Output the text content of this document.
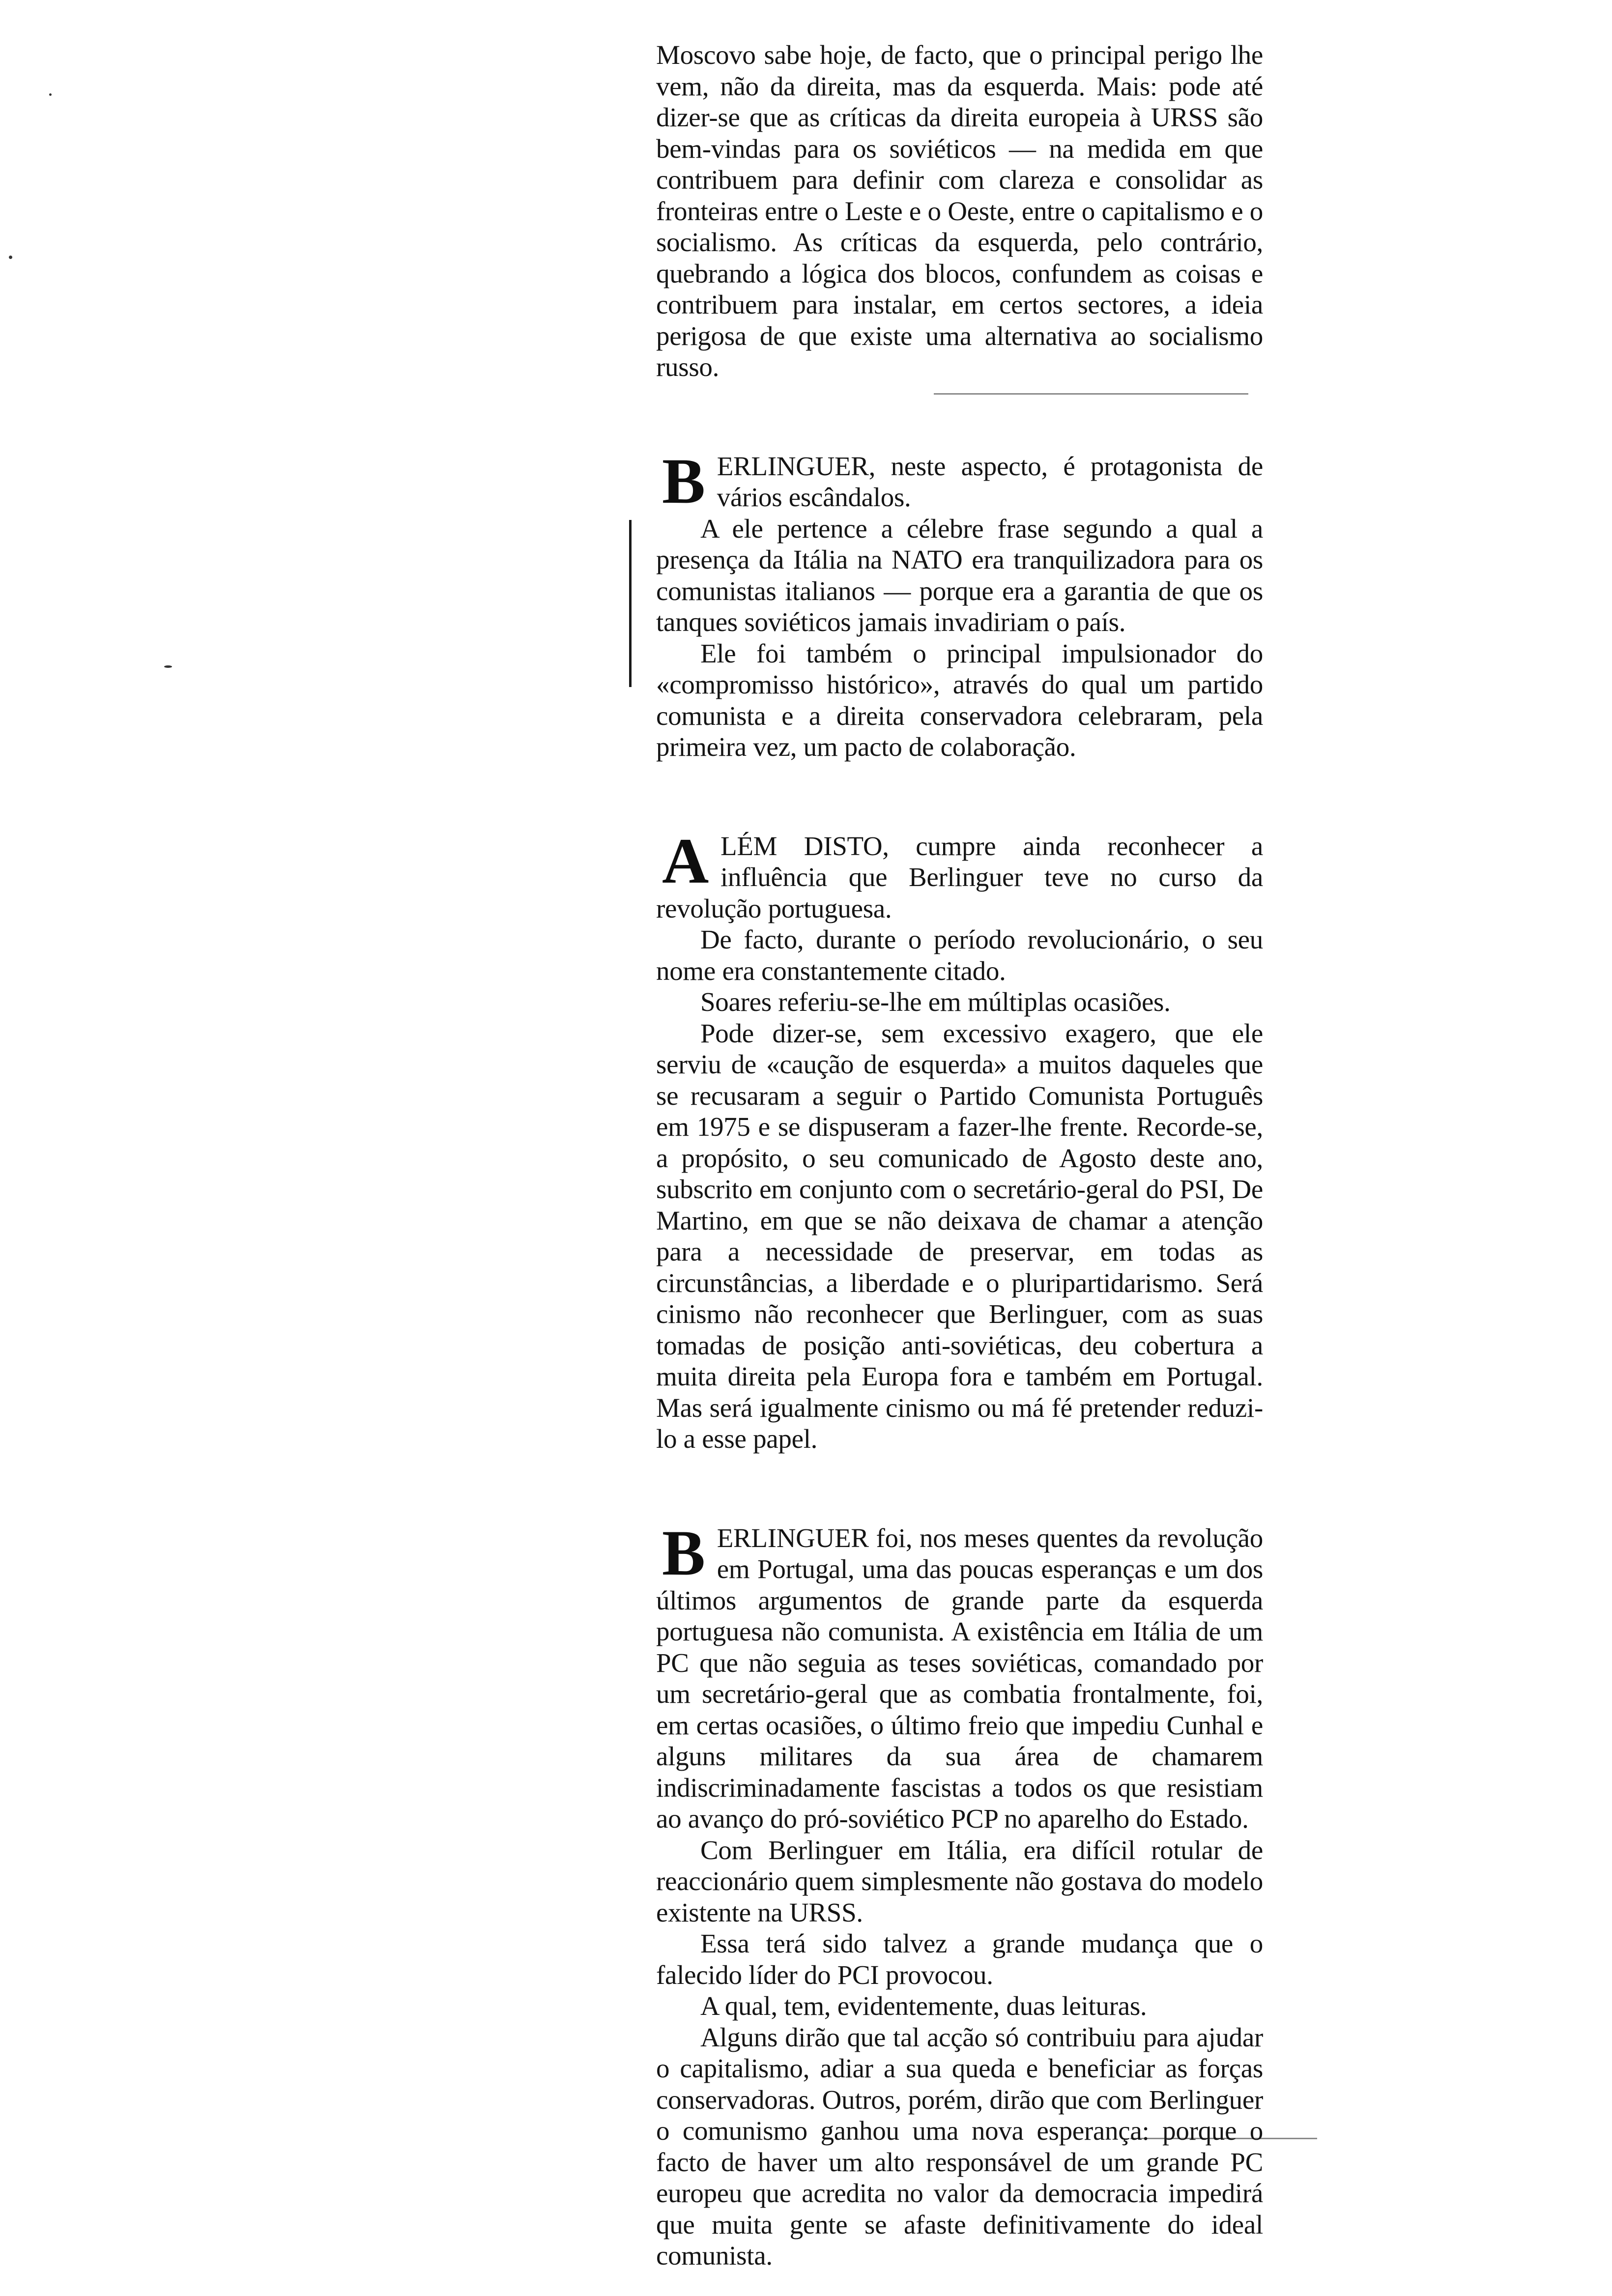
Moscovo sabe hoje, de facto, que o principal perigo lhe vem, não da direita, mas da esquerda. Mais: pode até dizer-se que as críticas da direita europeia à URSS são bem-vindas para os soviéticos — na medida em que contribuem para definir com clareza e consolidar as fronteiras entre o Leste e o Oeste, entre o capitalismo e o socialismo. As críticas da esquerda, pelo contrário, quebrando a lógica dos blocos, confundem as coisas e contribuem para instalar, em certos sectores, a ideia perigosa de que existe uma alternativa ao socialismo russo.

B ERLINGUER, neste aspecto, é protagonista de vários escândalos.

A ele pertence a célebre frase segundo a qual a presença da Itália na NATO era tranquilizadora para os comunistas italianos — porque era a garantia de que os tanques soviéticos jamais invadiriam o país.

Ele foi também o principal impulsionador do «compromisso histórico», através do qual um partido comunista e a direita conservadora celebraram, pela primeira vez, um pacto de colaboração.

A LÉM DISTO, cumpre ainda reconhecer a influência que Berlinguer teve no curso da revolução portuguesa.

De facto, durante o período revolucionário, o seu nome era constantemente citado.

Soares referiu-se-lhe em múltiplas ocasiões.

Pode dizer-se, sem excessivo exagero, que ele serviu de «caução de esquerda» a muitos daqueles que se recusaram a seguir o Partido Comunista Português em 1975 e se dispuseram a fazer-lhe frente. Recorde-se, a propósito, o seu comunicado de Agosto deste ano, subscrito em conjunto com o secretário-geral do PSI, De Martino, em que se não deixava de chamar a atenção para a necessidade de preservar, em todas as circunstâncias, a liberdade e o pluripartidarismo. Será cinismo não reconhecer que Berlinguer, com as suas tomadas de posição anti-soviéticas, deu cobertura a muita direita pela Europa fora e também em Portugal. Mas será igualmente cinismo ou má fé pretender reduzi-lo a esse papel.

B ERLINGUER foi, nos meses quentes da revolução em Portugal, uma das poucas esperanças e um dos últimos argumentos de grande parte da esquerda portuguesa não comunista. A existência em Itália de um PC que não seguia as teses soviéticas, comandado por um secretário-geral que as combatia frontalmente, foi, em certas ocasiões, o último freio que impediu Cunhal e alguns militares da sua área de chamarem indiscriminadamente fascistas a todos os que resistiam ao avanço do pró-soviético PCP no aparelho do Estado.

Com Berlinguer em Itália, era difícil rotular de reaccionário quem simplesmente não gostava do modelo existente na URSS.

Essa terá sido talvez a grande mudança que o falecido líder do PCI provocou.

A qual, tem, evidentemente, duas leituras.

Alguns dirão que tal acção só contribuiu para ajudar o capitalismo, adiar a sua queda e beneficiar as forças conservadoras. Outros, porém, dirão que com Berlinguer o comunismo ganhou uma nova esperança: porque o facto de haver um alto responsável de um grande PC europeu que acredita no valor da democracia impedirá que muita gente se afaste definitivamente do ideal comunista.
